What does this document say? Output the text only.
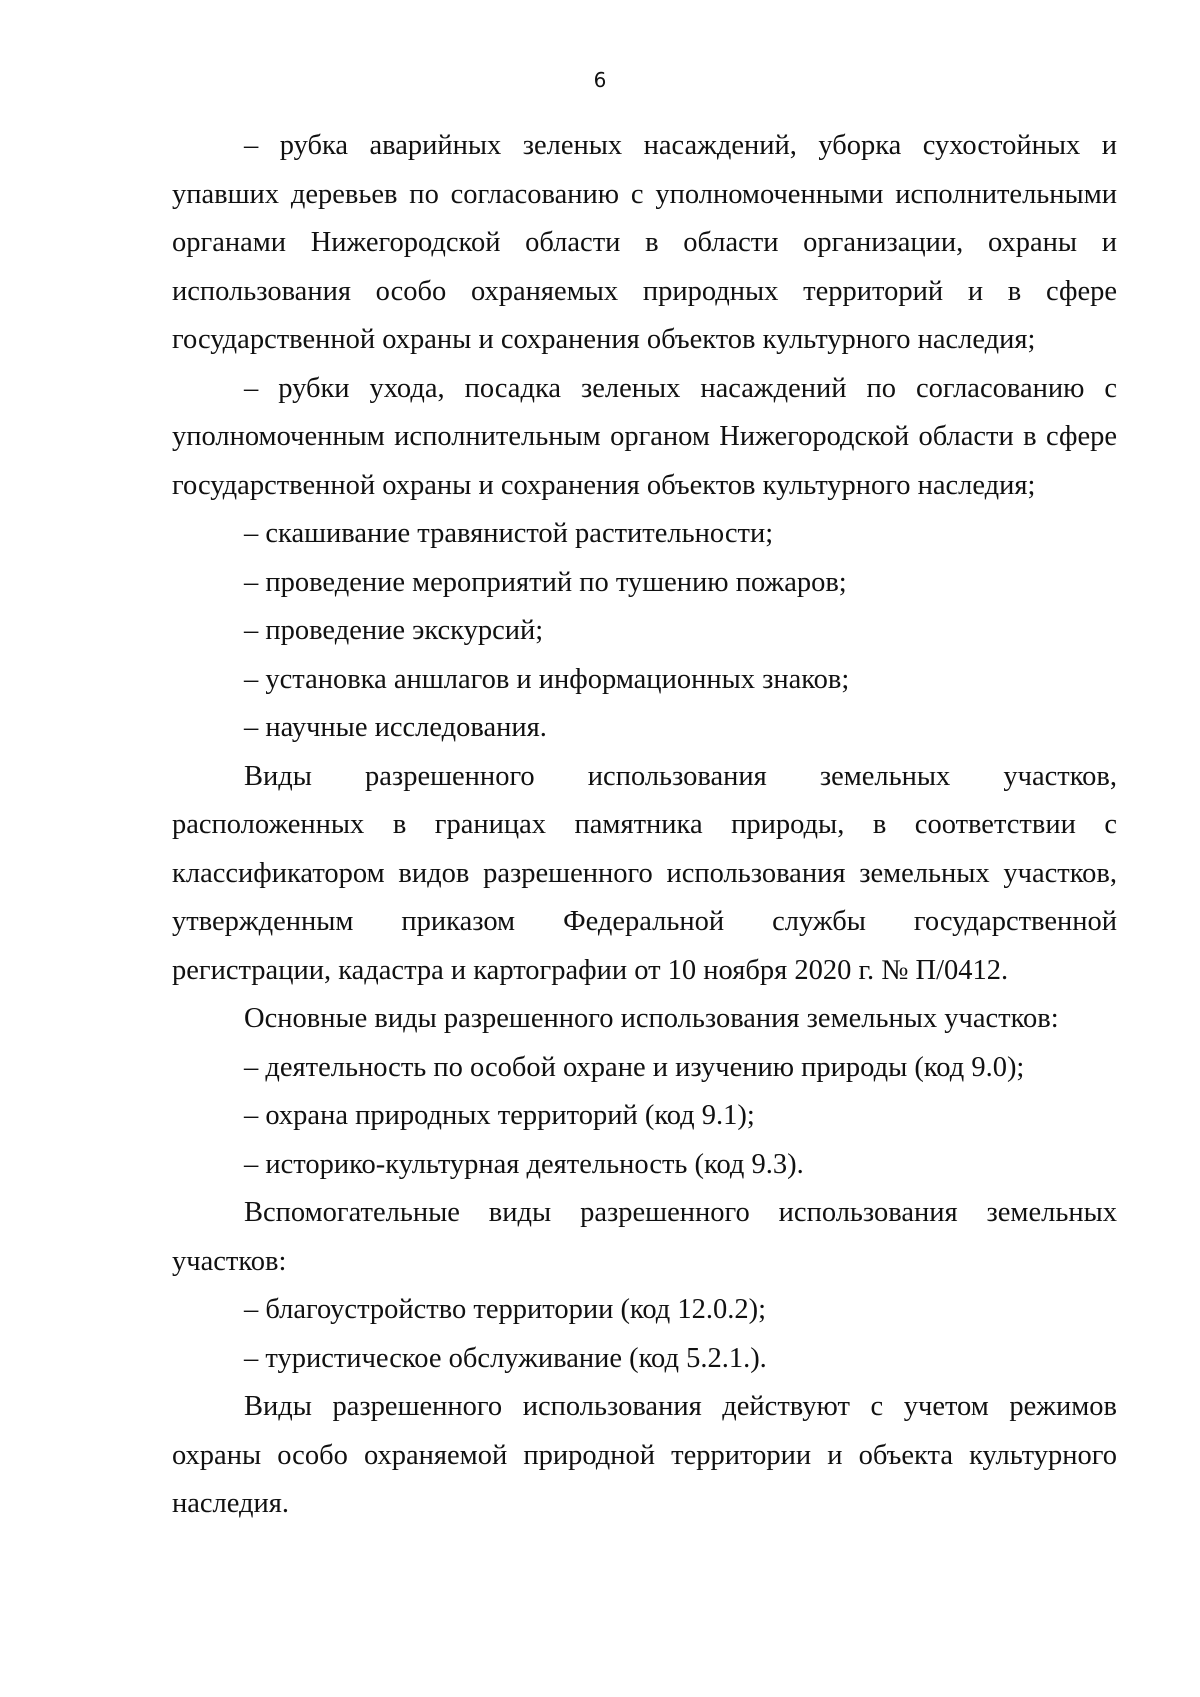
6

– рубка аварийных зеленых насаждений, уборка сухостойных и упавших деревьев по согласованию с уполномоченными исполнительными органами Нижегородской области в области организации, охраны и использования особо охраняемых природных территорий и в сфере государственной охраны и сохранения объектов культурного наследия;

– рубки ухода, посадка зеленых насаждений по согласованию с уполномоченным исполнительным органом Нижегородской области в сфере государственной охраны и сохранения объектов культурного наследия;

– скашивание травянистой растительности;

– проведение мероприятий по тушению пожаров;

– проведение экскурсий;

– установка аншлагов и информационных знаков;

– научные исследования.

Виды разрешенного использования земельных участков, расположенных в границах памятника природы, в соответствии с классификатором видов разрешенного использования земельных участков, утвержденным приказом Федеральной службы государственной регистрации, кадастра и картографии от 10 ноября 2020 г. № П/0412.

Основные виды разрешенного использования земельных участков:

– деятельность по особой охране и изучению природы (код 9.0);

– охрана природных территорий (код 9.1);

– историко-культурная деятельность (код 9.3).

Вспомогательные виды разрешенного использования земельных участков:

– благоустройство территории (код 12.0.2);

– туристическое обслуживание (код 5.2.1.).

Виды разрешенного использования действуют с учетом режимов охраны особо охраняемой природной территории и объекта культурного наследия.
